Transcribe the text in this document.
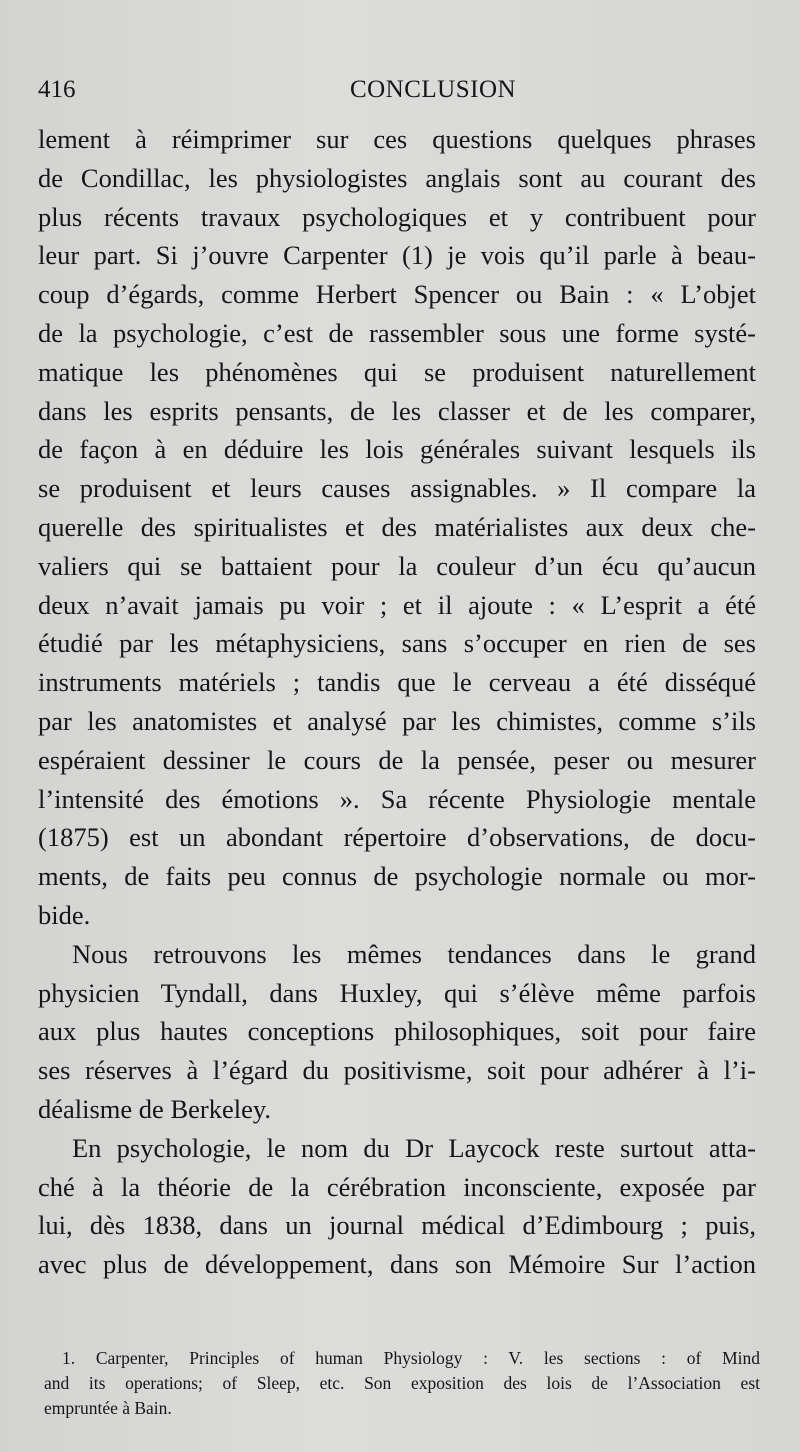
416	CONCLUSION
lement à réimprimer sur ces questions quelques phrases
de Condillac, les physiologistes anglais sont au courant des
plus récents travaux psychologiques et y contribuent pour
leur part. Si j’ouvre Carpenter (1) je vois qu’il parle à beau-
coup d’égards, comme Herbert Spencer ou Bain : « L’objet
de la psychologie, c’est de rassembler sous une forme systé-
matique les phénomènes qui se produisent naturellement
dans les esprits pensants, de les classer et de les comparer,
de façon à en déduire les lois générales suivant lesquels ils
se produisent et leurs causes assignables. » Il compare la
querelle des spiritualistes et des matérialistes aux deux che-
valiers qui se battaient pour la couleur d’un écu qu’aucun
deux n’avait jamais pu voir ; et il ajoute : « L’esprit a été
étudié par les métaphysiciens, sans s’occuper en rien de ses
instruments matériels ; tandis que le cerveau a été disséqué
par les anatomistes et analysé par les chimistes, comme s’ils
espéraient dessiner le cours de la pensée, peser ou mesurer
l’intensité des émotions ». Sa récente Physiologie mentale
(1875) est un abondant répertoire d’observations, de docu-
ments, de faits peu connus de psychologie normale ou mor-
bide.
Nous retrouvons les mêmes tendances dans le grand
physicien Tyndall, dans Huxley, qui s’élève même parfois
aux plus hautes conceptions philosophiques, soit pour faire
ses réserves à l’égard du positivisme, soit pour adhérer à l’i-
déalisme de Berkeley.
En psychologie, le nom du Dr Laycock reste surtout atta-
ché à la théorie de la cérébration inconsciente, exposée par
lui, dès 1838, dans un journal médical d’Edimbourg ; puis,
avec plus de développement, dans son Mémoire Sur l’action
1. Carpenter, Principles of human Physiology : V. les sections : of Mind
and its operations; of Sleep, etc. Son exposition des lois de l’Association est
empruntée à Bain.
